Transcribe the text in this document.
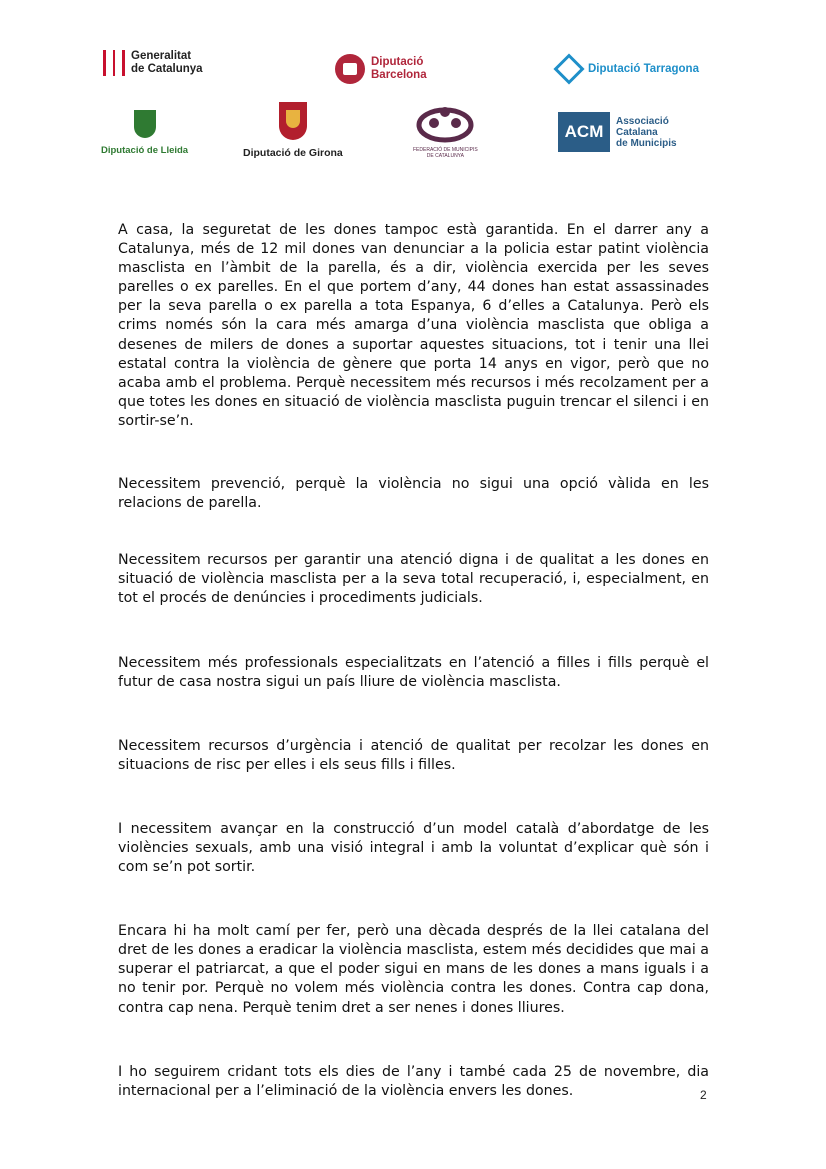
Generalitat
de Catalunya
Diputació
Barcelona
Diputació Tarragona
Diputació de Lleida	Diputació de Girona	FEDERACIÓ DE MUNICIPIS
DE CATALUNYA
ACM
Associació
Catalana
de Municipis

A casa, la seguretat de les dones tampoc està garantida. En el darrer any a Catalunya, més de 12 mil dones van denunciar a la policia estar patint violència masclista en l’àmbit de la parella, és a dir, violència exercida per les seves parelles o ex parelles. En el que portem d’any, 44 dones han estat assassinades per la seva parella o ex parella a tota Espanya, 6 d’elles a Catalunya. Però els crims només són la cara més amarga d’una violència masclista que obliga a desenes de milers de dones a suportar aquestes situacions, tot i tenir una llei estatal contra la violència de gènere que porta 14 anys en vigor, però que no acaba amb el problema. Perquè necessitem més recursos i més recolzament per a que totes les dones en situació de violència masclista puguin trencar el silenci i en sortir-se’n.

Necessitem prevenció, perquè la violència no sigui una opció vàlida en les relacions de parella.

Necessitem recursos per garantir una atenció digna i de qualitat a les dones en situació de violència masclista per a la seva total recuperació, i, especialment, en tot el procés de denúncies i procediments judicials.

Necessitem més professionals especialitzats en l’atenció a filles i fills perquè el futur de casa nostra sigui un país lliure de violència masclista.

Necessitem recursos d’urgència i atenció de qualitat per recolzar les dones en situacions de risc per elles i els seus fills i filles.

I necessitem avançar en la construcció d’un model català d’abordatge de les violències sexuals, amb una visió integral i amb la voluntat d’explicar què són i com se’n pot sortir.

Encara hi ha molt camí per fer, però una dècada després de la llei catalana del dret de les dones a eradicar la violència masclista, estem més decidides que mai a superar el patriarcat, a que el poder sigui en mans de les dones a mans iguals i a no tenir por. Perquè no volem més violència contra les dones. Contra cap dona, contra cap nena. Perquè tenim dret a ser nenes i dones lliures.

I ho seguirem cridant tots els dies de l’any i també cada 25 de novembre, dia internacional per a l’eliminació de la violència envers les dones.	2
